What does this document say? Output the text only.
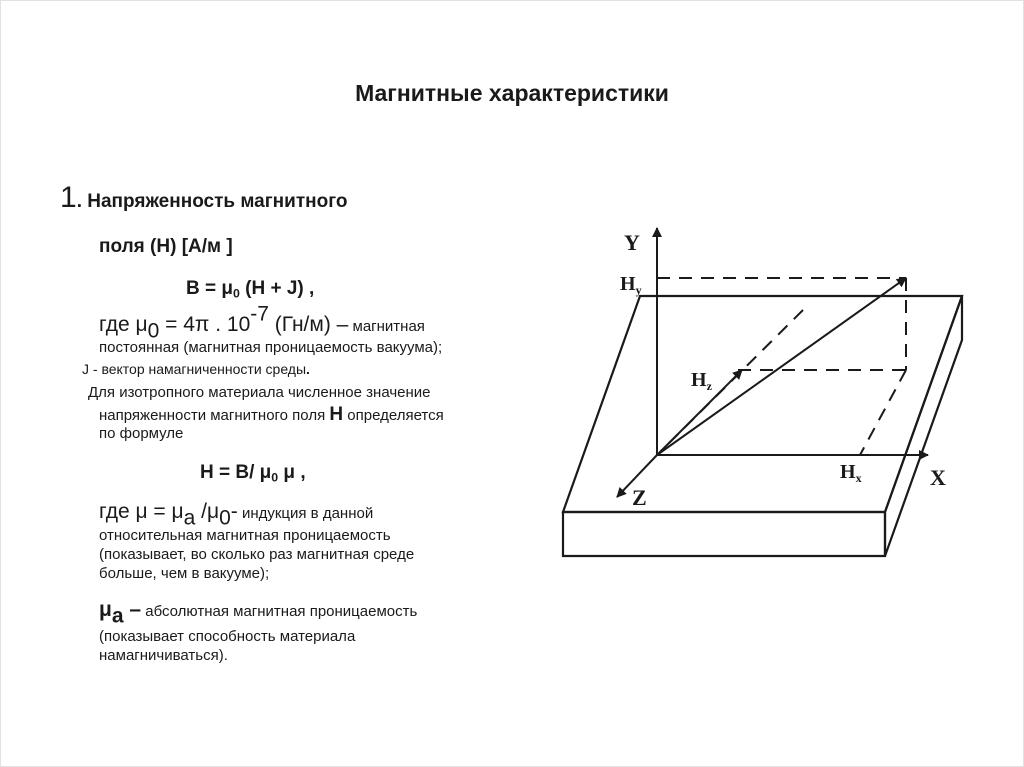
Магнитные характеристики
1. Напряженность магнитного
поля (Н) [А/м ]
$B = \mu_0$ (H + J) ,
где $\mu_0 = 4\pi$ . $10^{-7}$ (Гн/м) – магнитная
постоянная (магнитная проницаемость вакуума);
J - вектор намагниченности среды.
Для изотропного материала численное значение
напряженности магнитного поля H определяется
по формуле
H = B/ $\mu_0$ μ ,
где $\mu = \mu_a$ $/\mu_0-$ индукция в данной
относительная магнитная проницаемость
(показывает, во сколько раз магнитная среде
больше, чем в вакууме);
$\mu_a$ – абсолютная магнитная проницаемость
(показывает способность материала
намагничиваться).
Y
$H_y$
$H_z$
$H_x$	X
Z
